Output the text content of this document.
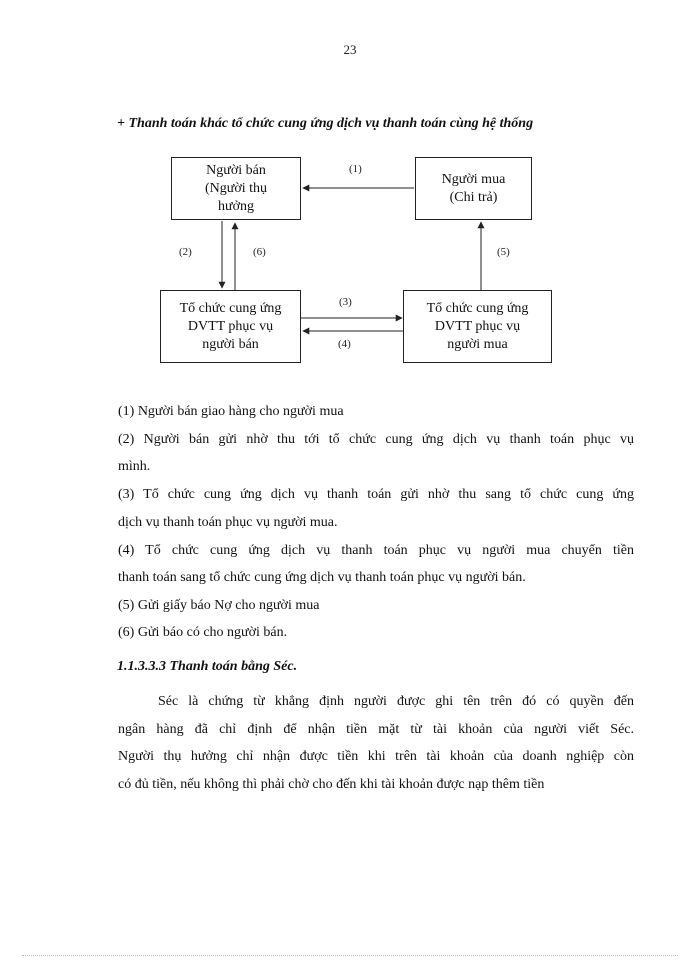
23
+ Thanh toán khác tổ chức cung ứng dịch vụ thanh toán cùng hệ thống
Người bán
(Người thụ
hưởng
Người mua
(Chi trả)
Tổ chức cung ứng
DVTT phục vụ
người bán
Tổ chức cung ứng
DVTT phục vụ
người mua
(1)
(2)	(6)	(5)
(3)
(4)
(1) Người bán giao hàng cho người mua
(2) Người bán gửi nhờ thu tới tổ chức cung ứng dịch vụ thanh toán phục vụ
mình.
(3) Tổ chức cung ứng dịch vụ thanh toán gửi nhờ thu sang tổ chức cung ứng
dịch vụ thanh toán phục vụ người mua.
(4) Tổ chức cung ứng dịch vụ thanh toán phục vụ người mua chuyển tiền
thanh toán sang tổ chức cung ứng dịch vụ thanh toán phục vụ người bán.
(5) Gửi giấy báo Nợ cho người mua
(6) Gửi báo có cho người bán.
1.1.3.3.3 Thanh toán bằng Séc.
Séc là chứng từ khẳng định người được ghi tên trên đó có quyền đến
ngân hàng đã chỉ định để nhận tiền mặt từ tài khoản của người viết Séc.
Người thụ hưởng chỉ nhận được tiền khi trên tài khoản của doanh nghiệp còn
có đủ tiền, nếu không thì phải chờ cho đến khi tài khoản được nạp thêm tiền
